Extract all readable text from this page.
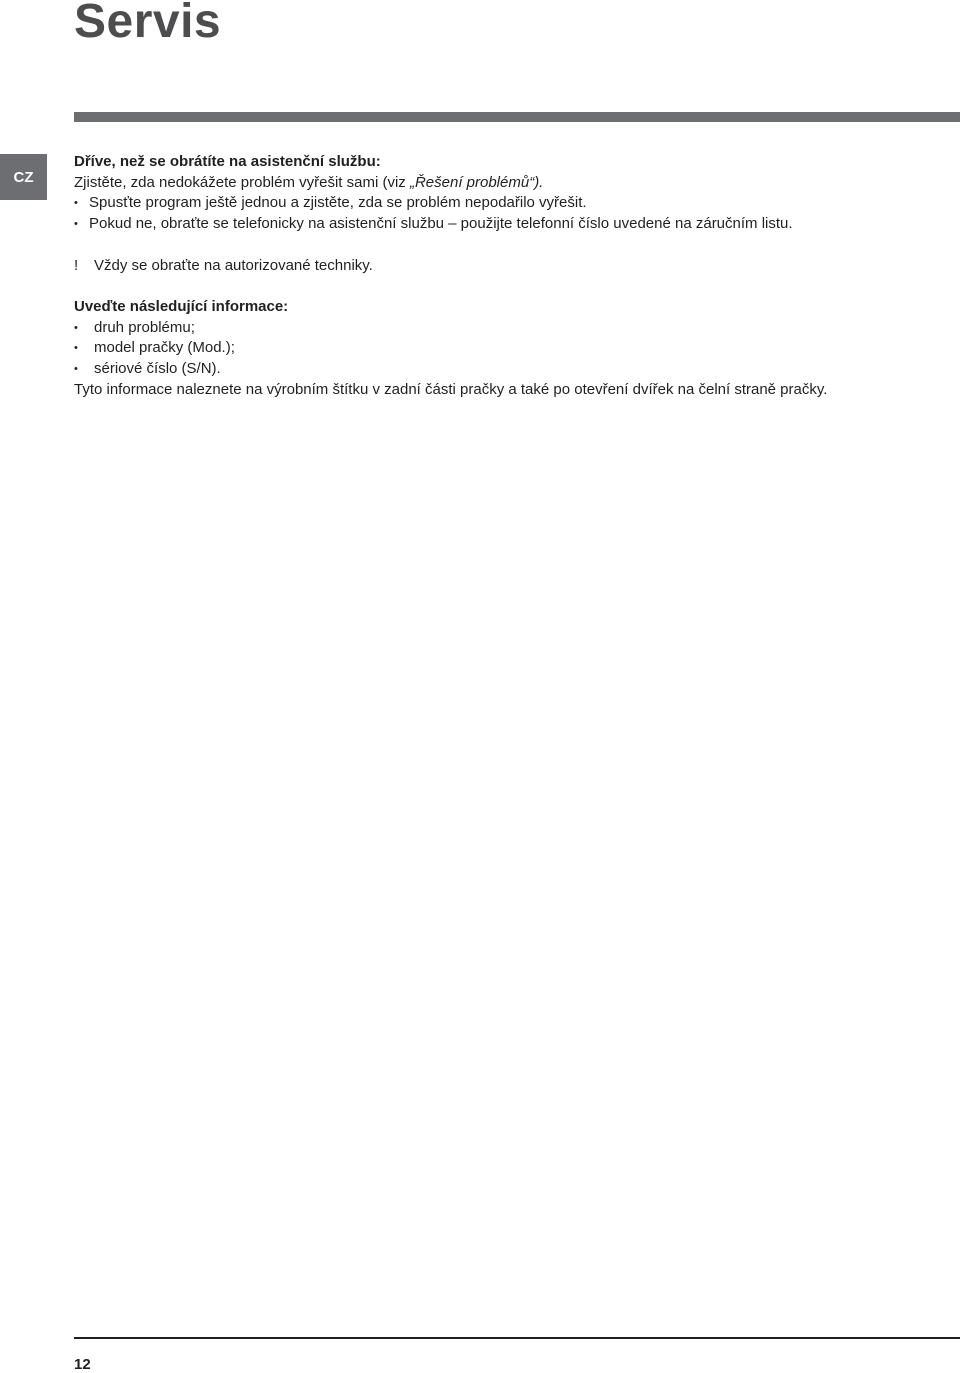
Servis
CZ

Dříve, než se obrátíte na asistenční službu:

Zjistěte, zda nedokážete problém vyřešit sami (viz „Řešení problémů“).

• Spusťte program ještě jednou a zjistěte, zda se problém nepodařilo vyřešit.
• Pokud ne, obraťte se telefonicky na asistenční službu – použijte telefonní číslo uvedené na záručním listu.

! Vždy se obraťte na autorizované techniky.

Uveďte následující informace:

• druh problému;
• model pračky (Mod.);
• sériové číslo (S/N).

Tyto informace naleznete na výrobním štítku v zadní části pračky a také po otevření dvířek na čelní straně pračky.

12
